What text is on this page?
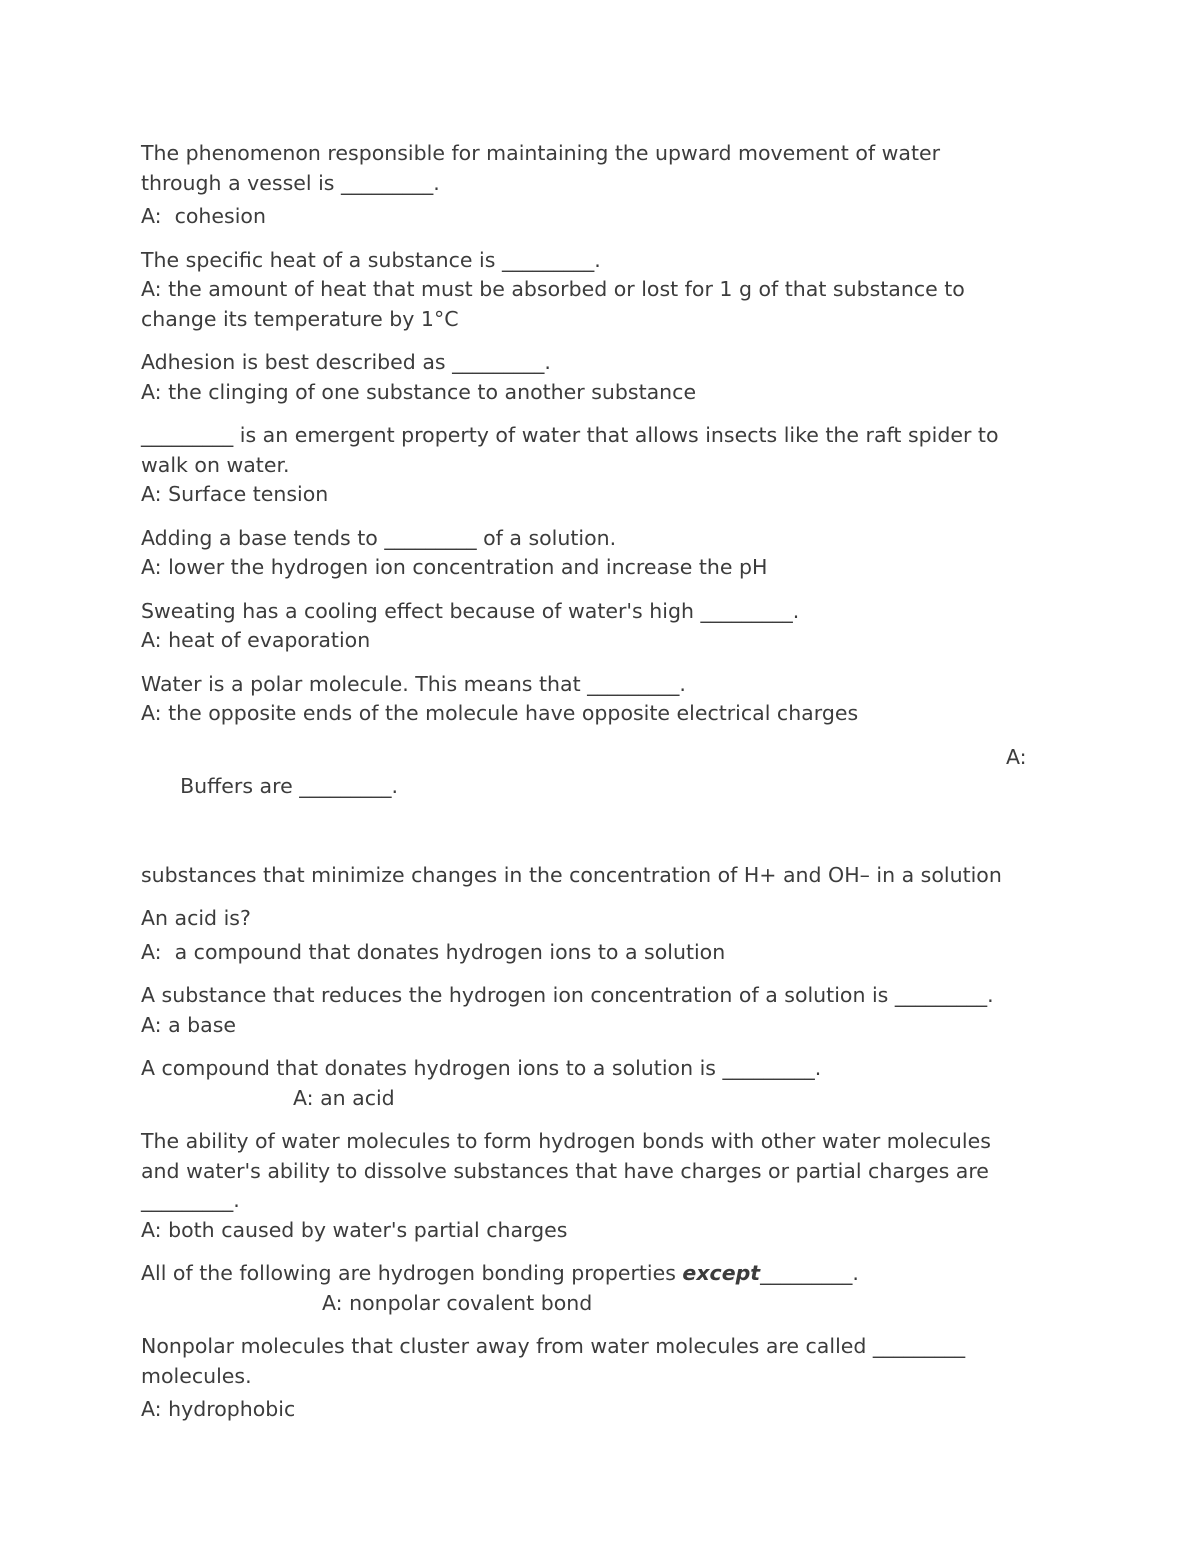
The phenomenon responsible for maintaining the upward movement of water
through a vessel is _________.
A:  cohesion
The specific heat of a substance is _________.
A: the amount of heat that must be absorbed or lost for 1 g of that substance to
change its temperature by 1°C
Adhesion is best described as _________.
A: the clinging of one substance to another substance
_________ is an emergent property of water that allows insects like the raft spider to
walk on water.
A: Surface tension
Adding a base tends to _________ of a solution.
A: lower the hydrogen ion concentration and increase the pH
Sweating has a cooling effect because of water's high _________.
A: heat of evaporation
Water is a polar molecule. This means that _________.
A: the opposite ends of the molecule have opposite electrical charges

Buffers are _________.

A:

substances that minimize changes in the concentration of H+ and OH– in a solution
An acid is?
A:  a compound that donates hydrogen ions to a solution
A substance that reduces the hydrogen ion concentration of a solution is _________.
A: a base
A compound that donates hydrogen ions to a solution is _________.
A: an acid
The ability of water molecules to form hydrogen bonds with other water molecules
and water's ability to dissolve substances that have charges or partial charges are
_________.
A: both caused by water's partial charges
All of the following are hydrogen bonding properties except_________.
A: nonpolar covalent bond
Nonpolar molecules that cluster away from water molecules are called _________
molecules.
A: hydrophobic
